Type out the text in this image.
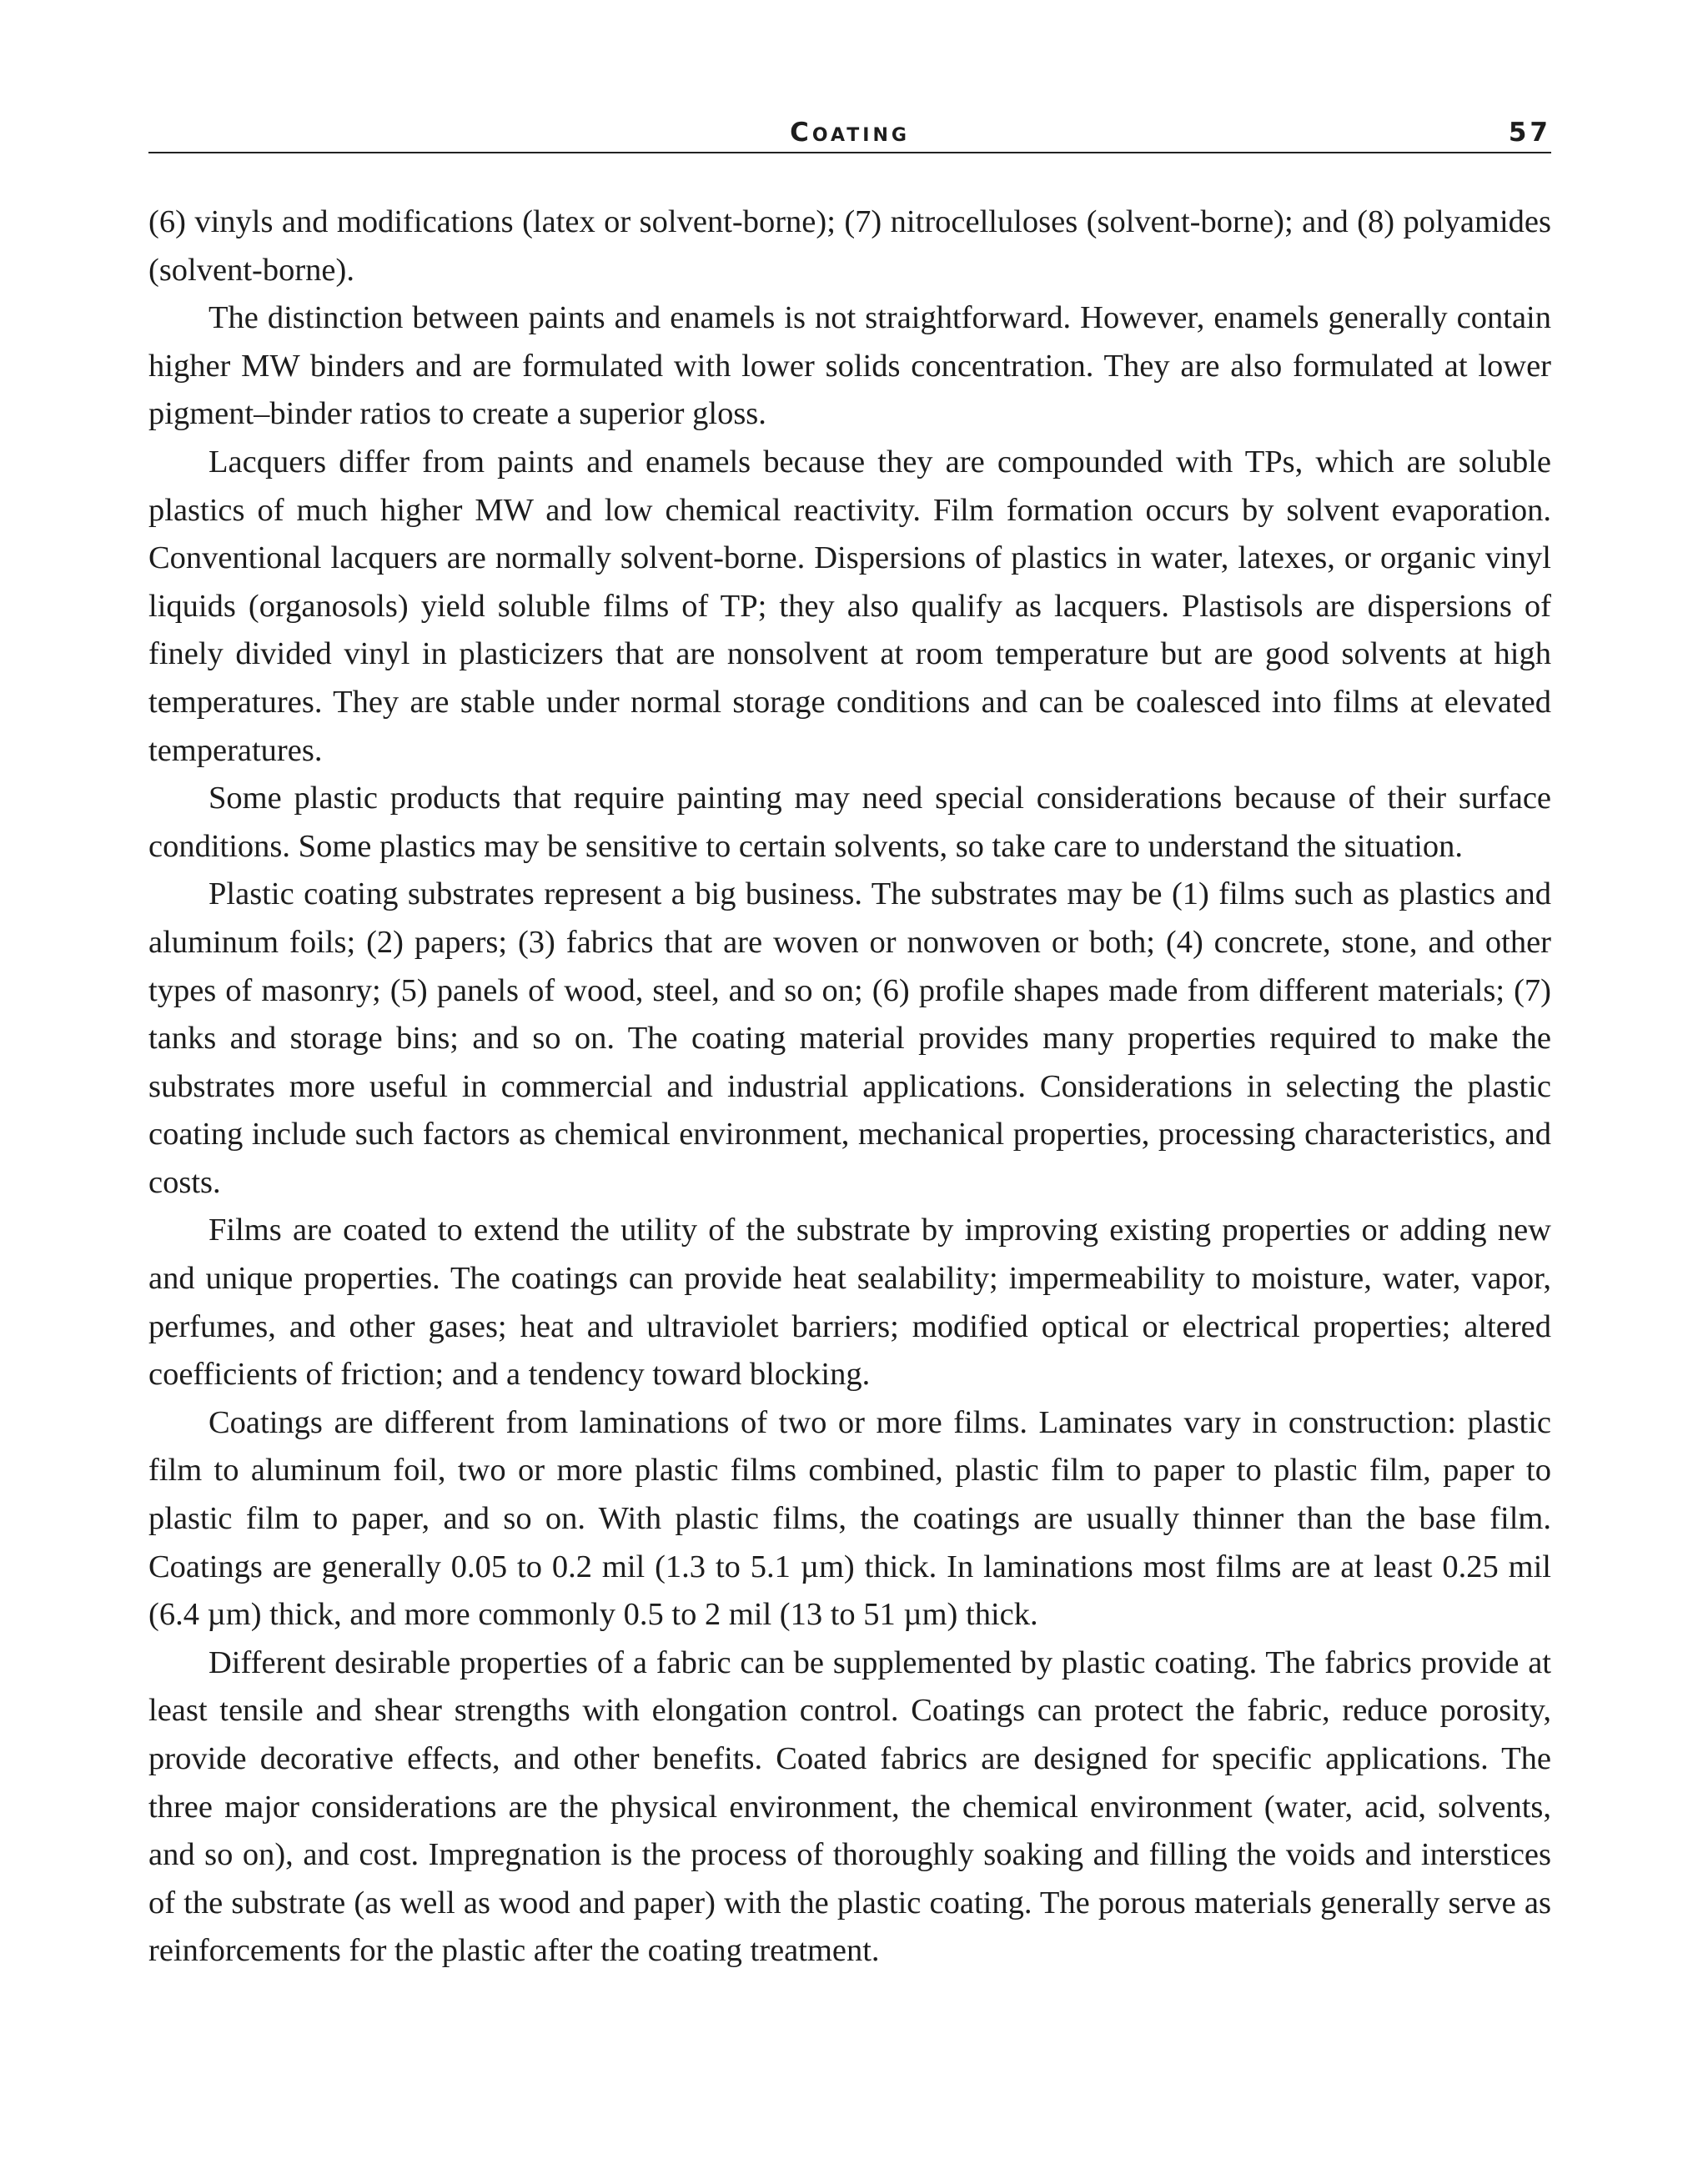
Coating	57

(6) vinyls and modifications (latex or solvent-borne); (7) nitrocelluloses (solvent-borne); and (8) polyamides (solvent-borne).

The distinction between paints and enamels is not straightforward. However, enamels generally contain higher MW binders and are formulated with lower solids concentration. They are also formulated at lower pigment–binder ratios to create a superior gloss.

Lacquers differ from paints and enamels because they are compounded with TPs, which are soluble plastics of much higher MW and low chemical reactivity. Film formation occurs by solvent evaporation. Conventional lacquers are normally solvent-borne. Dispersions of plastics in water, latexes, or organic vinyl liquids (organosols) yield soluble films of TP; they also qualify as lacquers. Plastisols are dispersions of finely divided vinyl in plasticizers that are nonsolvent at room temperature but are good solvents at high temperatures. They are stable under normal storage conditions and can be coalesced into films at elevated temperatures.

Some plastic products that require painting may need special considerations because of their surface conditions. Some plastics may be sensitive to certain solvents, so take care to understand the situation.

Plastic coating substrates represent a big business. The substrates may be (1) films such as plastics and aluminum foils; (2) papers; (3) fabrics that are woven or nonwoven or both; (4) concrete, stone, and other types of masonry; (5) panels of wood, steel, and so on; (6) profile shapes made from different materials; (7) tanks and storage bins; and so on. The coating material provides many properties required to make the substrates more useful in commercial and industrial applications. Considerations in selecting the plastic coating include such factors as chemical environment, mechanical properties, processing characteristics, and costs.

Films are coated to extend the utility of the substrate by improving existing properties or adding new and unique properties. The coatings can provide heat sealability; impermeability to moisture, water, vapor, perfumes, and other gases; heat and ultraviolet barriers; modified optical or electrical properties; altered coefficients of friction; and a tendency toward blocking.

Coatings are different from laminations of two or more films. Laminates vary in construction: plastic film to aluminum foil, two or more plastic films combined, plastic film to paper to plastic film, paper to plastic film to paper, and so on. With plastic films, the coatings are usually thinner than the base film. Coatings are generally 0.05 to 0.2 mil (1.3 to 5.1 µm) thick. In laminations most films are at least 0.25 mil (6.4 µm) thick, and more commonly 0.5 to 2 mil (13 to 51 µm) thick.

Different desirable properties of a fabric can be supplemented by plastic coating. The fabrics provide at least tensile and shear strengths with elongation control. Coatings can protect the fabric, reduce porosity, provide decorative effects, and other benefits. Coated fabrics are designed for specific applications. The three major considerations are the physical environment, the chemical environment (water, acid, solvents, and so on), and cost. Impregnation is the process of thoroughly soaking and filling the voids and interstices of the substrate (as well as wood and paper) with the plastic coating. The porous materials generally serve as reinforcements for the plastic after the coating treatment.
